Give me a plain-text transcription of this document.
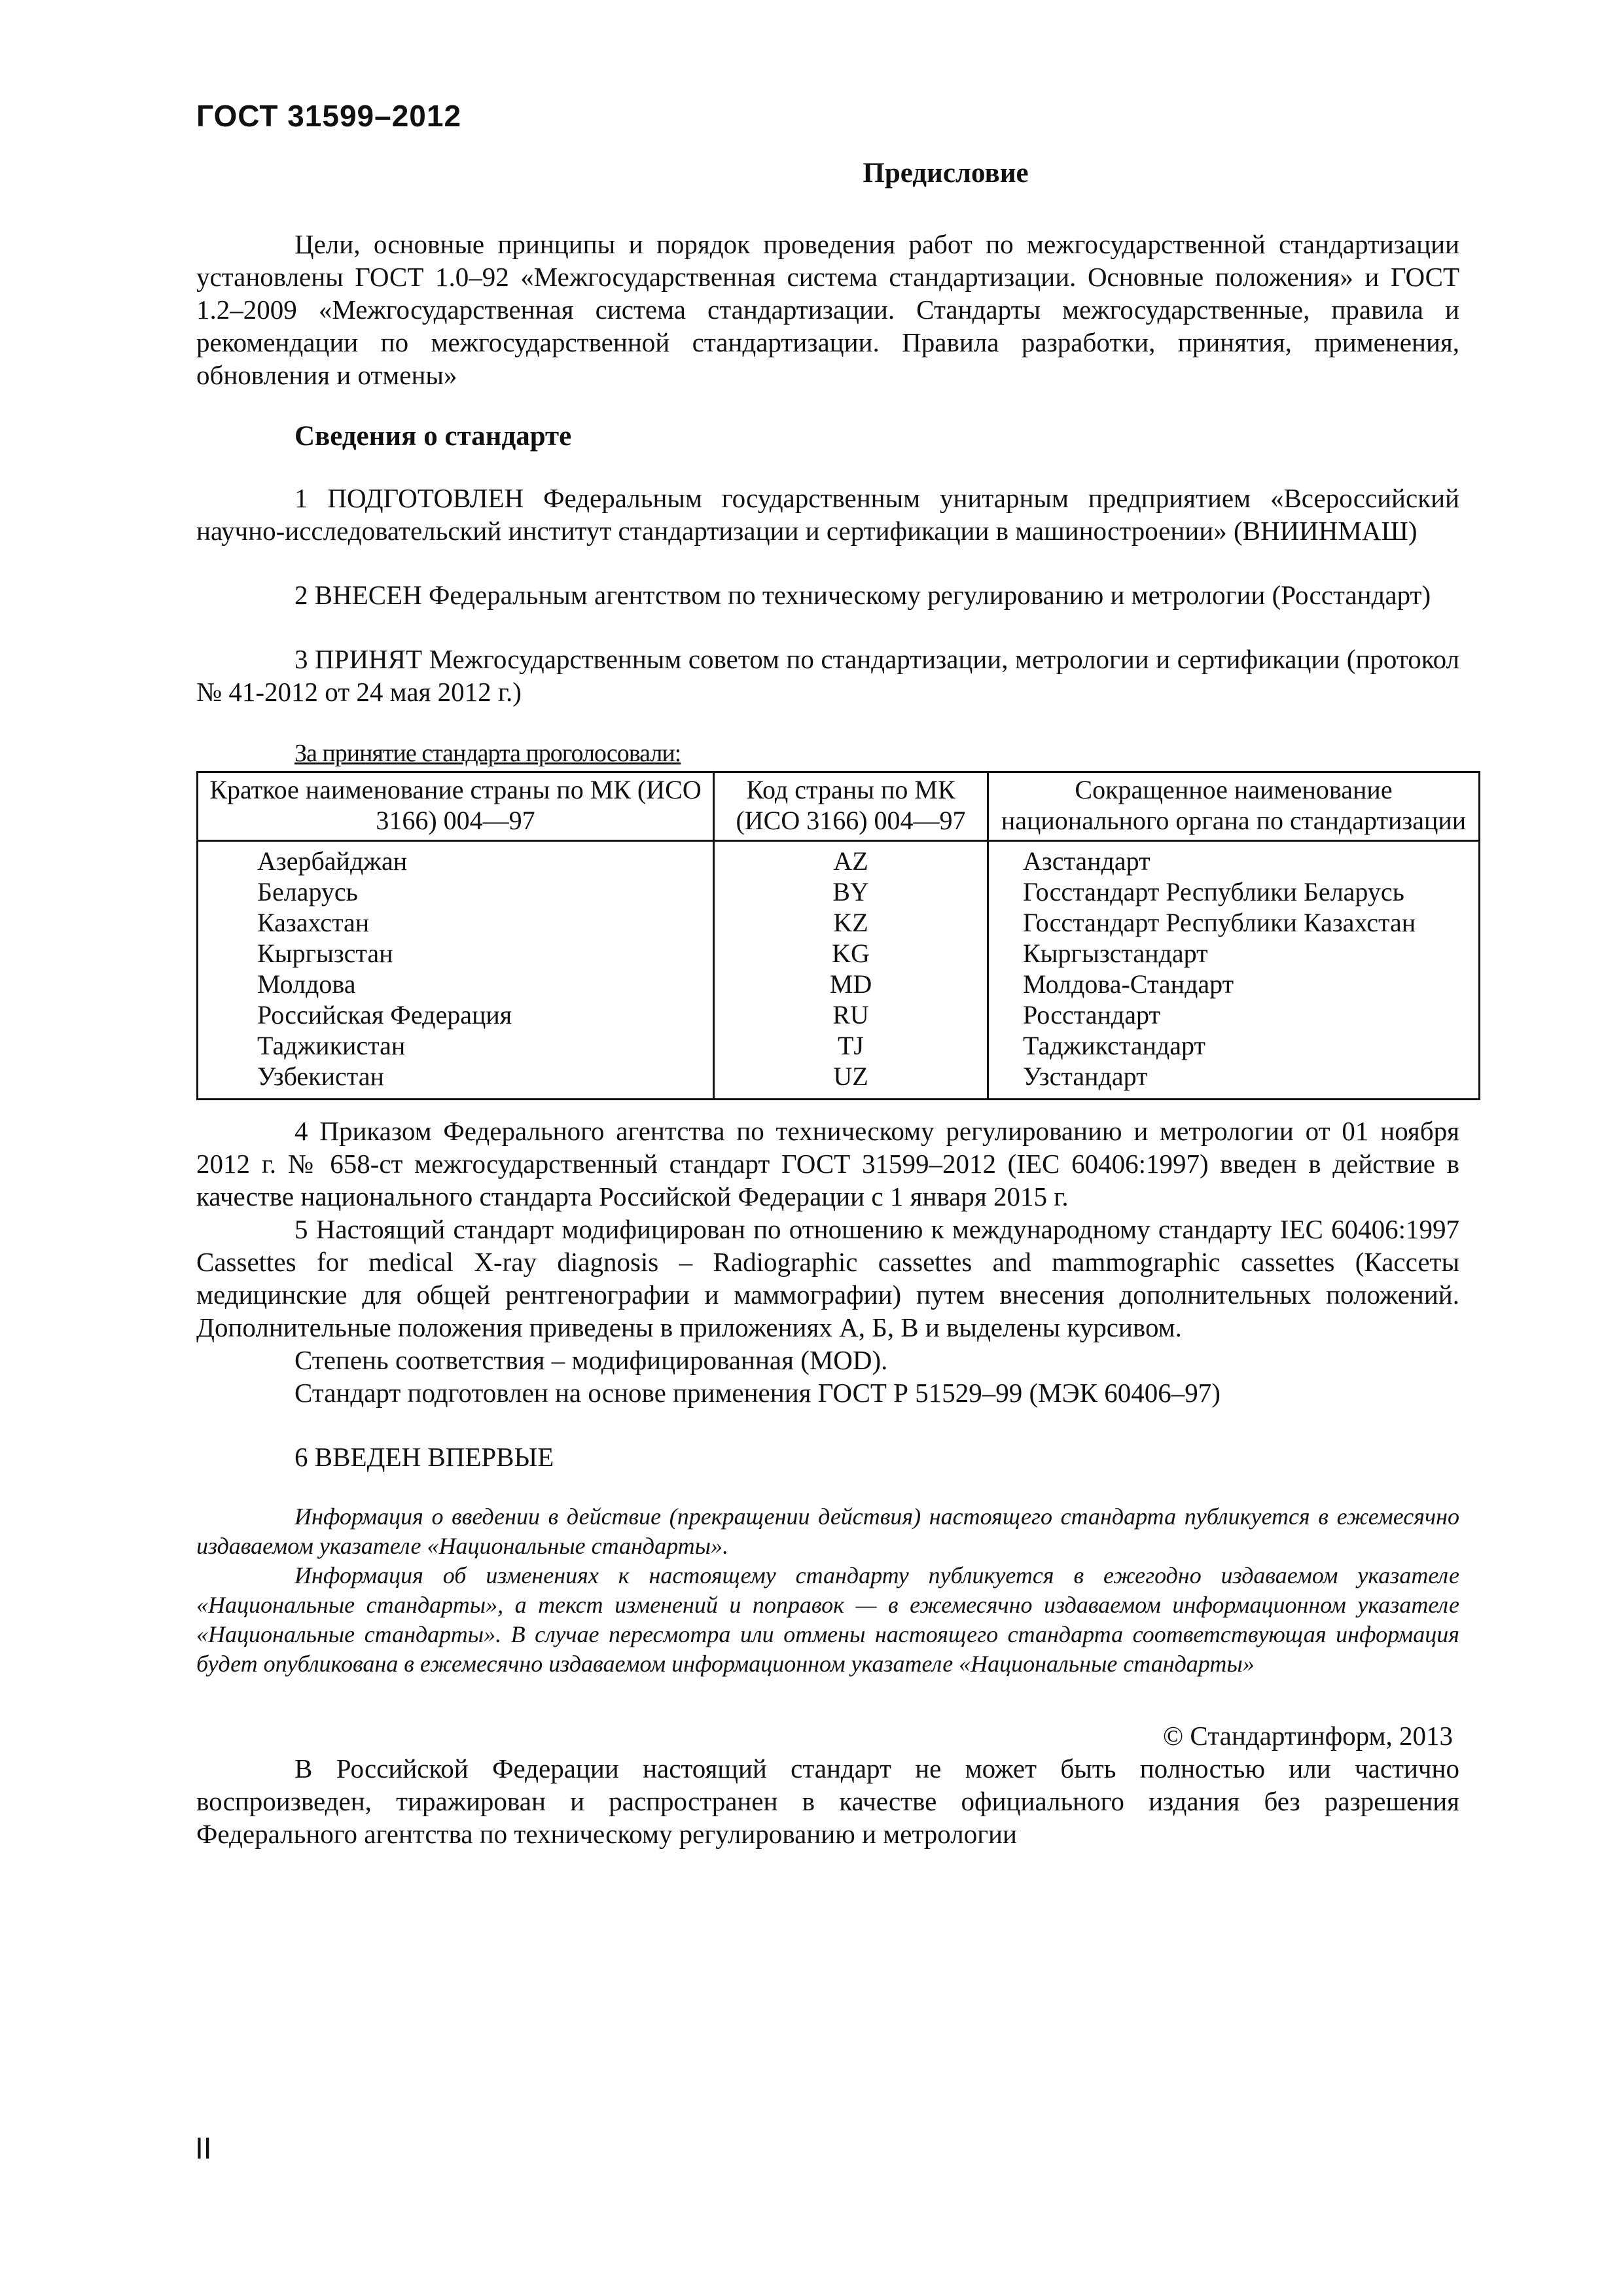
ГОСТ 31599–2012

Предисловие

Цели, основные принципы и порядок проведения работ по межгосударственной стандартизации установлены ГОСТ 1.0–92 «Межгосударственная система стандартизации. Основные положения» и ГОСТ 1.2–2009 «Межгосударственная система стандартизации. Стандарты межгосударственные, правила и рекомендации по межгосударственной стандартизации. Правила разработки, принятия, применения, обновления и отмены»

Сведения о стандарте

1 ПОДГОТОВЛЕН Федеральным государственным унитарным предприятием «Всероссийский научно-исследовательский институт стандартизации и сертификации в машиностроении» (ВНИИНМАШ)

2 ВНЕСЕН Федеральным агентством по техническому регулированию и метрологии (Росстандарт)

3 ПРИНЯТ Межгосударственным советом по стандартизации, метрологии и сертификации (протокол № 41-2012 от 24 мая 2012 г.)

За принятие стандарта проголосовали:

Краткое наименование страны по МК (ИСО 3166) 004—97	Код страны по МК (ИСО 3166) 004—97	Сокращенное наименование национального органа по стандартизации
Азербайджан	AZ	Азстандарт
Беларусь	BY	Госстандарт Республики Беларусь
Казахстан	KZ	Госстандарт Республики Казахстан
Кыргызстан	KG	Кыргызстандарт
Молдова	MD	Молдова-Стандарт
Российская Федерация	RU	Росстандарт
Таджикистан	TJ	Таджикстандарт
Узбекистан	UZ	Узстандарт

4 Приказом Федерального агентства по техническому регулированию и метрологии от 01 ноября 2012 г. № 658-ст межгосударственный стандарт ГОСТ 31599–2012 (IEC 60406:1997) введен в действие в качестве национального стандарта Российской Федерации с 1 января 2015 г.

5 Настоящий стандарт модифицирован по отношению к международному стандарту IEC 60406:1997 Cassettes for medical X-ray diagnosis – Radiographic cassettes and mammographic cassettes (Кассеты медицинские для общей рентгенографии и маммографии) путем внесения дополнительных положений. Дополнительные положения приведены в приложениях А, Б, В и выделены курсивом.

Степень соответствия – модифицированная (MOD).

Стандарт подготовлен на основе применения ГОСТ Р 51529–99 (МЭК 60406–97)

6 ВВЕДЕН ВПЕРВЫЕ

Информация о введении в действие (прекращении действия) настоящего стандарта публикуется в ежемесячно издаваемом указателе «Национальные стандарты».

Информация об изменениях к настоящему стандарту публикуется в ежегодно издаваемом указателе «Национальные стандарты», а текст изменений и поправок — в ежемесячно издаваемом информационном указателе «Национальные стандарты». В случае пересмотра или отмены настоящего стандарта соответствующая информация будет опубликована в ежемесячно издаваемом информационном указателе «Национальные стандарты»

© Стандартинформ, 2013

В Российской Федерации настоящий стандарт не может быть полностью или частично воспроизведен, тиражирован и распространен в качестве официального издания без разрешения Федерального агентства по техническому регулированию и метрологии

II
